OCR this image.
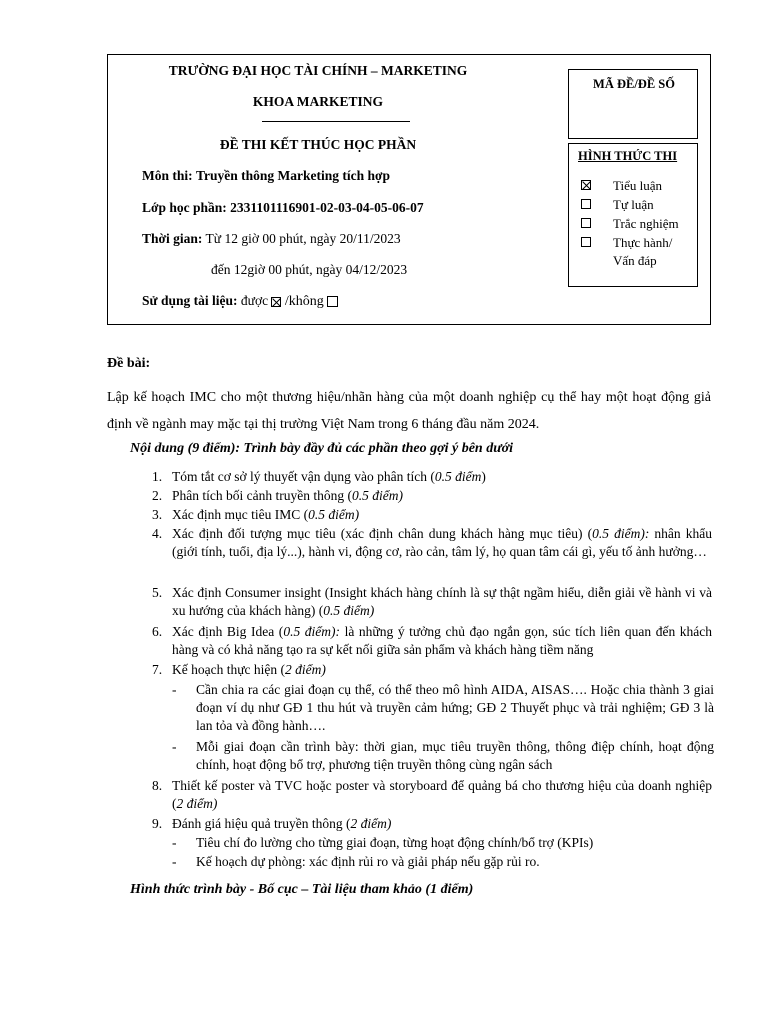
TRƯỜNG ĐẠI HỌC TÀI CHÍNH – MARKETING
KHOA MARKETING
ĐỀ THI KẾT THÚC HỌC PHẦN
Môn thi: Truyền thông Marketing tích hợp
Lớp học phần: 2331101116901-02-03-04-05-06-07
Thời gian: Từ 12 giờ 00 phút, ngày 20/11/2023
đến 12giờ 00 phút, ngày 04/12/2023
Sử dụng tài liệu: được /không
MÃ ĐỀ/ĐỀ SỐ
HÌNH THỨC THI
Tiểu luận
Tự luận
Trắc nghiệm
Thực hành/ Vấn đáp
Đề bài:
Lập kế hoạch IMC cho một thương hiệu/nhãn hàng của một doanh nghiệp cụ thể hay một hoạt động giả định về ngành may mặc tại thị trường Việt Nam trong 6 tháng đầu năm 2024.
Nội dung (9 điểm): Trình bày đầy đủ các phần theo gợi ý bên dưới
1. Tóm tắt cơ sở lý thuyết vận dụng vào phân tích (0.5 điểm)
2. Phân tích bối cảnh truyền thông (0.5 điểm)
3. Xác định mục tiêu IMC (0.5 điểm)
4. Xác định đối tượng mục tiêu (xác định chân dung khách hàng mục tiêu) (0.5 điểm): nhân khẩu (giới tính, tuổi, địa lý...), hành vi, động cơ, rào cản, tâm lý, họ quan tâm cái gì, yếu tố ảnh hưởng…
5. Xác định Consumer insight (Insight khách hàng chính là sự thật ngầm hiểu, diễn giải về hành vi và xu hướng của khách hàng) (0.5 điểm)
6. Xác định Big Idea (0.5 điểm): là những ý tưởng chủ đạo ngắn gọn, súc tích liên quan đến khách hàng và có khả năng tạo ra sự kết nối giữa sản phẩm và khách hàng tiềm năng
7. Kế hoạch thực hiện (2 điểm)
- Cần chia ra các giai đoạn cụ thể, có thể theo mô hình AIDA, AISAS…. Hoặc chia thành 3 giai đoạn ví dụ như GĐ 1 thu hút và truyền cảm hứng; GĐ 2 Thuyết phục và trải nghiệm; GĐ 3 là lan tỏa và đồng hành….
- Mỗi giai đoạn cần trình bày: thời gian, mục tiêu truyền thông, thông điệp chính, hoạt động chính, hoạt động bổ trợ, phương tiện truyền thông cùng ngân sách
8. Thiết kế poster và TVC hoặc poster và storyboard để quảng bá cho thương hiệu của doanh nghiệp (2 điểm)
9. Đánh giá hiệu quả truyền thông (2 điểm)
- Tiêu chí đo lường cho từng giai đoạn, từng hoạt động chính/bổ trợ (KPIs)
- Kế hoạch dự phòng: xác định rủi ro và giải pháp nếu gặp rủi ro.
Hình thức trình bày - Bố cục – Tài liệu tham khảo (1 điểm)
